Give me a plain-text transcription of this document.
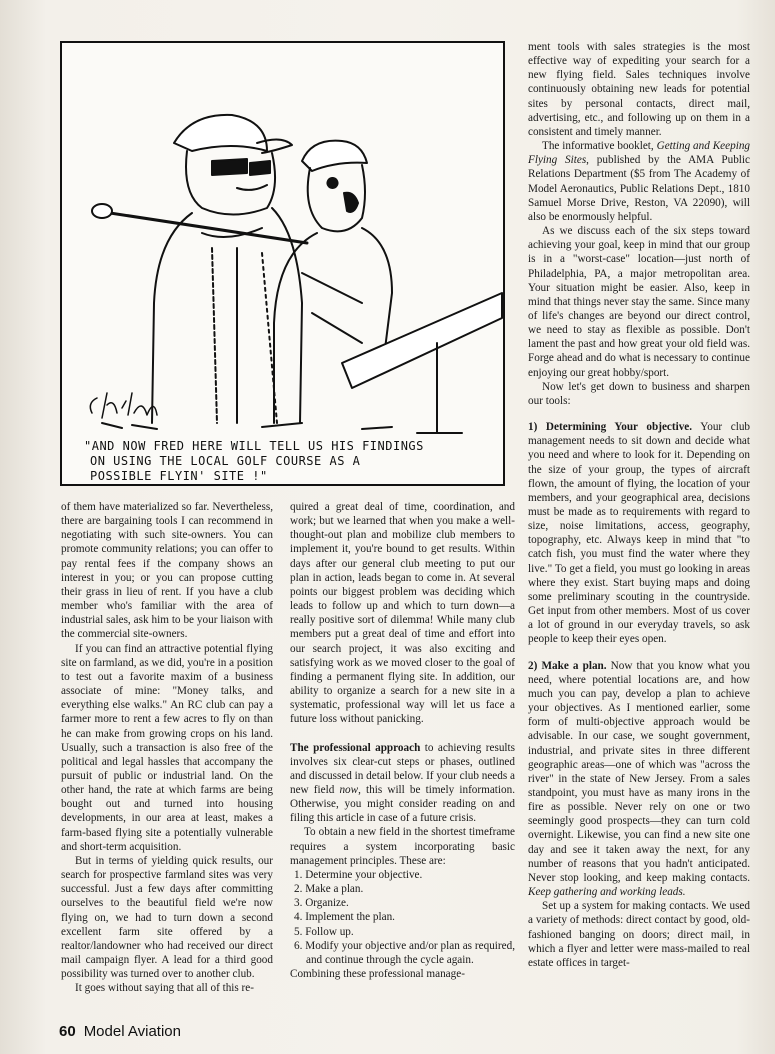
"AND NOW FRED HERE WILL TELL US HIS FINDINGS
ON USING THE LOCAL GOLF COURSE AS A
POSSIBLE FLYIN' SITE !"

of them have materialized so far. Nevertheless, there are bargaining tools I can recommend in negotiating with such site-owners. You can promote community relations; you can offer to pay rental fees if the company shows an interest in you; or you can propose cutting their grass in lieu of rent. If you have a club member who's familiar with the area of industrial sales, ask him to be your liaison with the commercial site-owners.

If you can find an attractive potential flying site on farmland, as we did, you're in a position to test out a favorite maxim of a business associate of mine: "Money talks, and everything else walks." An RC club can pay a farmer more to rent a few acres to fly on than he can make from growing crops on his land. Usually, such a transaction is also free of the political and legal hassles that accompany the pursuit of public or industrial land. On the other hand, the rate at which farms are being bought out and turned into housing developments, in our area at least, makes a farm-based flying site a potentially vulnerable and short-term acquisition.

But in terms of yielding quick results, our search for prospective farmland sites was very successful. Just a few days after committing ourselves to the beautiful field we're now flying on, we had to turn down a second excellent farm site offered by a realtor/landowner who had received our direct mail campaign flyer. A lead for a third good possibility was turned over to another club.

It goes without saying that all of this re-

quired a great deal of time, coordination, and work; but we learned that when you make a well-thought-out plan and mobilize club members to implement it, you're bound to get results. Within days after our general club meeting to put our plan in action, leads began to come in. At several points our biggest problem was deciding which leads to follow up and which to turn down—a really positive sort of dilemma! While many club members put a great deal of time and effort into our search project, it was also exciting and satisfying work as we moved closer to the goal of finding a permanent flying site. In addition, our ability to organize a search for a new site in a systematic, professional way will let us face a future loss without panicking.

The professional approach to achieving results involves six clear-cut steps or phases, outlined and discussed in detail below. If your club needs a new field now, this will be timely information. Otherwise, you might consider reading on and filing this article in case of a future crisis.

To obtain a new field in the shortest timeframe requires a system incorporating basic management principles. These are:

1. Determine your objective.
2. Make a plan.
3. Organize.
4. Implement the plan.
5. Follow up.
6. Modify your objective and/or plan as required, and continue through the cycle again.

Combining these professional manage-

ment tools with sales strategies is the most effective way of expediting your search for a new flying field. Sales techniques involve continuously obtaining new leads for potential sites by personal contacts, direct mail, advertising, etc., and following up on them in a consistent and timely manner.

The informative booklet, Getting and Keeping Flying Sites, published by the AMA Public Relations Department ($5 from The Academy of Model Aeronautics, Public Relations Dept., 1810 Samuel Morse Drive, Reston, VA 22090), will also be enormously helpful.

As we discuss each of the six steps toward achieving your goal, keep in mind that our group is in a "worst-case" location—just north of Philadelphia, PA, a major metropolitan area. Your situation might be easier. Also, keep in mind that things never stay the same. Since many of life's changes are beyond our direct control, we need to stay as flexible as possible. Don't lament the past and how great your old field was. Forge ahead and do what is necessary to continue enjoying our great hobby/sport.

Now let's get down to business and sharpen our tools:

1) Determining Your objective. Your club management needs to sit down and decide what you need and where to look for it. Depending on the size of your group, the types of aircraft flown, the amount of flying, the location of your members, and your geographical area, decisions must be made as to requirements with regard to size, noise limitations, access, geography, topography, etc. Always keep in mind that "to catch fish, you must find the water where they live." To get a field, you must go looking in areas where they exist. Start buying maps and doing some preliminary scouting in the countryside. Get input from other members. Most of us cover a lot of ground in our everyday travels, so ask people to keep their eyes open.

2) Make a plan. Now that you know what you need, where potential locations are, and how much you can pay, develop a plan to achieve your objectives. As I mentioned earlier, some form of multi-objective approach would be advisable. In our case, we sought government, industrial, and private sites in three different geographic areas—one of which was "across the river" in the state of New Jersey. From a sales standpoint, you must have as many irons in the fire as possible. Never rely on one or two seemingly good prospects—they can turn cold overnight. Likewise, you can find a new site one day and see it taken away the next, for any number of reasons that you hadn't anticipated. Never stop looking, and keep making contacts. Keep gathering and working leads.

Set up a system for making contacts. We used a variety of methods: direct contact by good, old-fashioned banging on doors; direct mail, in which a flyer and letter were mass-mailed to real estate offices in target-

60 Model Aviation
